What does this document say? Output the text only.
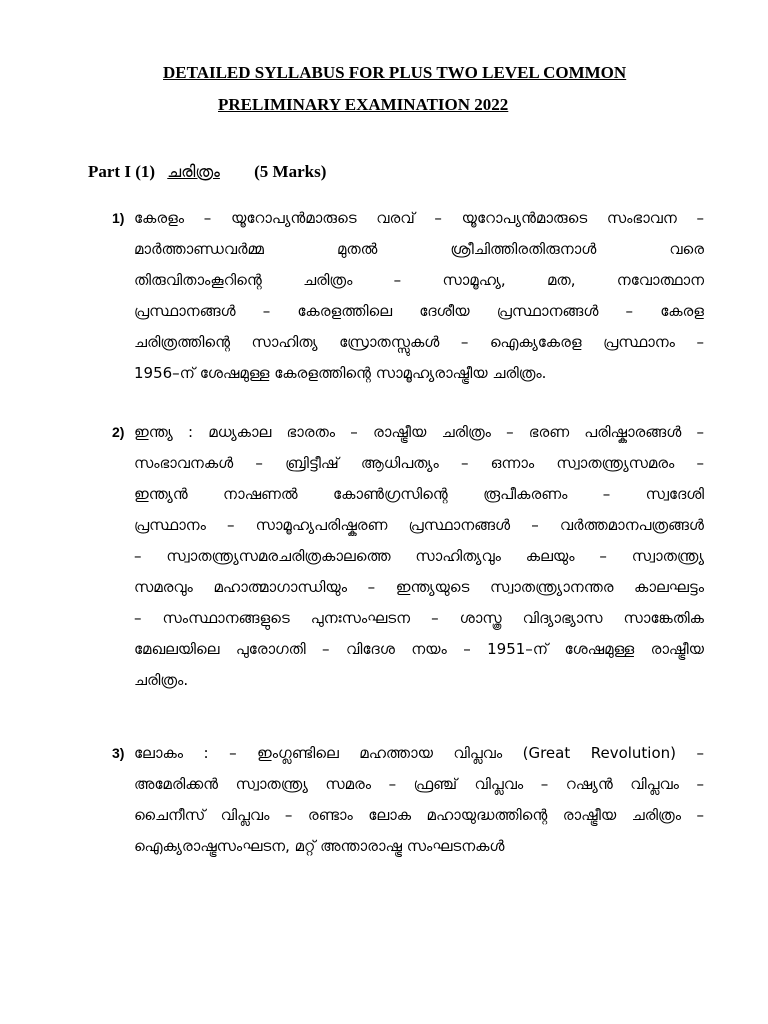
DETAILED SYLLABUS FOR PLUS TWO LEVEL COMMON
PRELIMINARY EXAMINATION 2022
Part I (1) ചരിത്രം (5 Marks)
1) കേരളം – യൂറോപ്യൻമാരുടെ വരവ് – യൂറോപ്യൻമാരുടെ സംഭാവന –
മാർത്താണ്ഡവർമ്മ മുതൽ ശ്രീചിത്തിരതിരുനാൾ വരെ
തിരുവിതാംകൂറിന്റെ ചരിത്രം – സാമൂഹ്യ, മത, നവോത്ഥാന
പ്രസ്ഥാനങ്ങൾ – കേരളത്തിലെ ദേശീയ പ്രസ്ഥാനങ്ങൾ – കേരള
ചരിത്രത്തിന്റെ സാഹിത്യ സ്രോതസ്സുകൾ – ഐക്യകേരള പ്രസ്ഥാനം –
1956–ന് ശേഷമുള്ള കേരളത്തിന്റെ സാമൂഹ്യരാഷ്ട്രീയ ചരിത്രം.
2) ഇന്ത്യ : മധ്യകാല ഭാരതം – രാഷ്ട്രീയ ചരിത്രം – ഭരണ പരിഷ്കാരങ്ങൾ –
സംഭാവനകൾ – ബ്രിട്ടീഷ് ആധിപത്യം – ഒന്നാം സ്വാതന്ത്ര്യസമരം –
ഇന്ത്യൻ നാഷണൽ കോൺഗ്രസിന്റെ രൂപീകരണം – സ്വദേശി
പ്രസ്ഥാനം – സാമൂഹ്യപരിഷ്കരണ പ്രസ്ഥാനങ്ങൾ – വർത്തമാനപത്രങ്ങൾ
– സ്വാതന്ത്ര്യസമരചരിത്രകാലത്തെ സാഹിത്യവും കലയും – സ്വാതന്ത്ര്യ
സമരവും മഹാത്മാഗാന്ധിയും – ഇന്ത്യയുടെ സ്വാതന്ത്ര്യാനന്തര കാലഘട്ടം
– സംസ്ഥാനങ്ങളുടെ പുനഃസംഘടന – ശാസ്ത്ര വിദ്യാഭ്യാസ സാങ്കേതിക
മേഖലയിലെ പുരോഗതി – വിദേശ നയം – 1951–ന് ശേഷമുള്ള രാഷ്ട്രീയ
ചരിത്രം.
3) ലോകം : – ഇംഗ്ലണ്ടിലെ മഹത്തായ വിപ്ലവം (Great Revolution) –
അമേരിക്കൻ സ്വാതന്ത്ര്യ സമരം – ഫ്രഞ്ച് വിപ്ലവം – റഷ്യൻ വിപ്ലവം –
ചൈനീസ് വിപ്ലവം – രണ്ടാം ലോക മഹായുദ്ധത്തിന്റെ രാഷ്ട്രീയ ചരിത്രം –
ഐക്യരാഷ്ട്രസംഘടന, മറ്റ് അന്താരാഷ്ട്ര സംഘടനകൾ
